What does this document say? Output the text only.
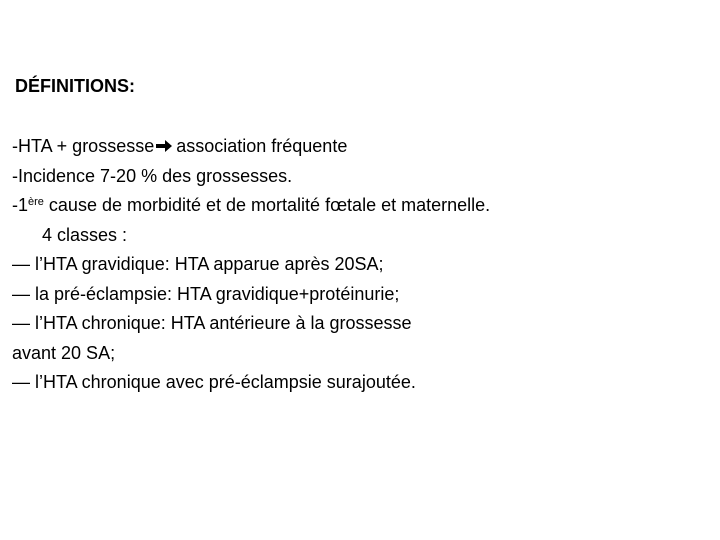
DÉFINITIONS:
-HTA + grossesse association fréquente
-Incidence 7-20 % des grossesses.
-1ère cause de morbidité et de mortalité fœtale et maternelle.
4 classes :
— l’HTA gravidique: HTA apparue après 20SA;
— la pré-éclampsie: HTA gravidique+protéinurie;
— l’HTA chronique: HTA antérieure à la grossesse
avant 20 SA;
— l’HTA chronique avec pré-éclampsie surajoutée.
